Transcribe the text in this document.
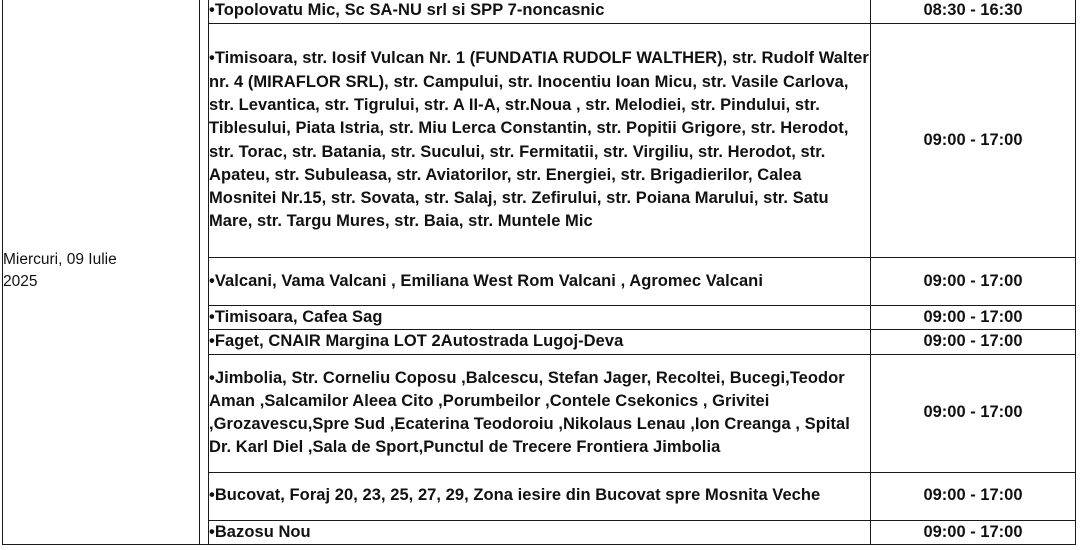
Miercuri, 09 Iulie
2025		•Topolovatu Mic, Sc SA-NU srl si SPP 7-noncasnic	08:30 - 16:30
		•Timisoara, str. Iosif Vulcan Nr. 1 (FUNDATIA RUDOLF WALTHER), str. Rudolf Walter nr. 4 (MIRAFLOR SRL), str. Campului, str. Inocentiu Ioan Micu, str. Vasile Carlova, str. Levantica, str. Tigrului, str. A II-A, str.Noua , str. Melodiei, str. Pindului, str. Tiblesului, Piata Istria, str. Miu Lerca Constantin, str. Popitii Grigore, str. Herodot, str. Torac, str. Batania, str. Sucului, str. Fermitatii, str. Virgiliu, str. Herodot, str. Apateu, str. Subuleasa, str. Aviatorilor, str. Energiei, str. Brigadierilor, Calea Mosnitei Nr.15, str. Sovata, str. Salaj, str. Zefirului, str. Poiana Marului, str. Satu Mare, str. Targu Mures, str. Baia, str. Muntele Mic	09:00 - 17:00
		•Valcani, Vama Valcani , Emiliana West Rom Valcani , Agromec Valcani	09:00 - 17:00
		•Timisoara, Cafea Sag	09:00 - 17:00
		•Faget, CNAIR Margina LOT 2Autostrada Lugoj-Deva	09:00 - 17:00
		•Jimbolia, Str. Corneliu Coposu ,Balcescu, Stefan Jager, Recoltei, Bucegi,Teodor Aman ,Salcamilor Aleea Cito ,Porumbeilor ,Contele Csekonics , Grivitei ,Grozavescu,Spre Sud ,Ecaterina Teodoroiu ,Nikolaus Lenau ,Ion Creanga , Spital Dr. Karl Diel ,Sala de Sport,Punctul de Trecere Frontiera Jimbolia	09:00 - 17:00
		•Bucovat, Foraj 20, 23, 25, 27, 29, Zona iesire din Bucovat spre Mosnita Veche	09:00 - 17:00
		•Bazosu Nou	09:00 - 17:00
